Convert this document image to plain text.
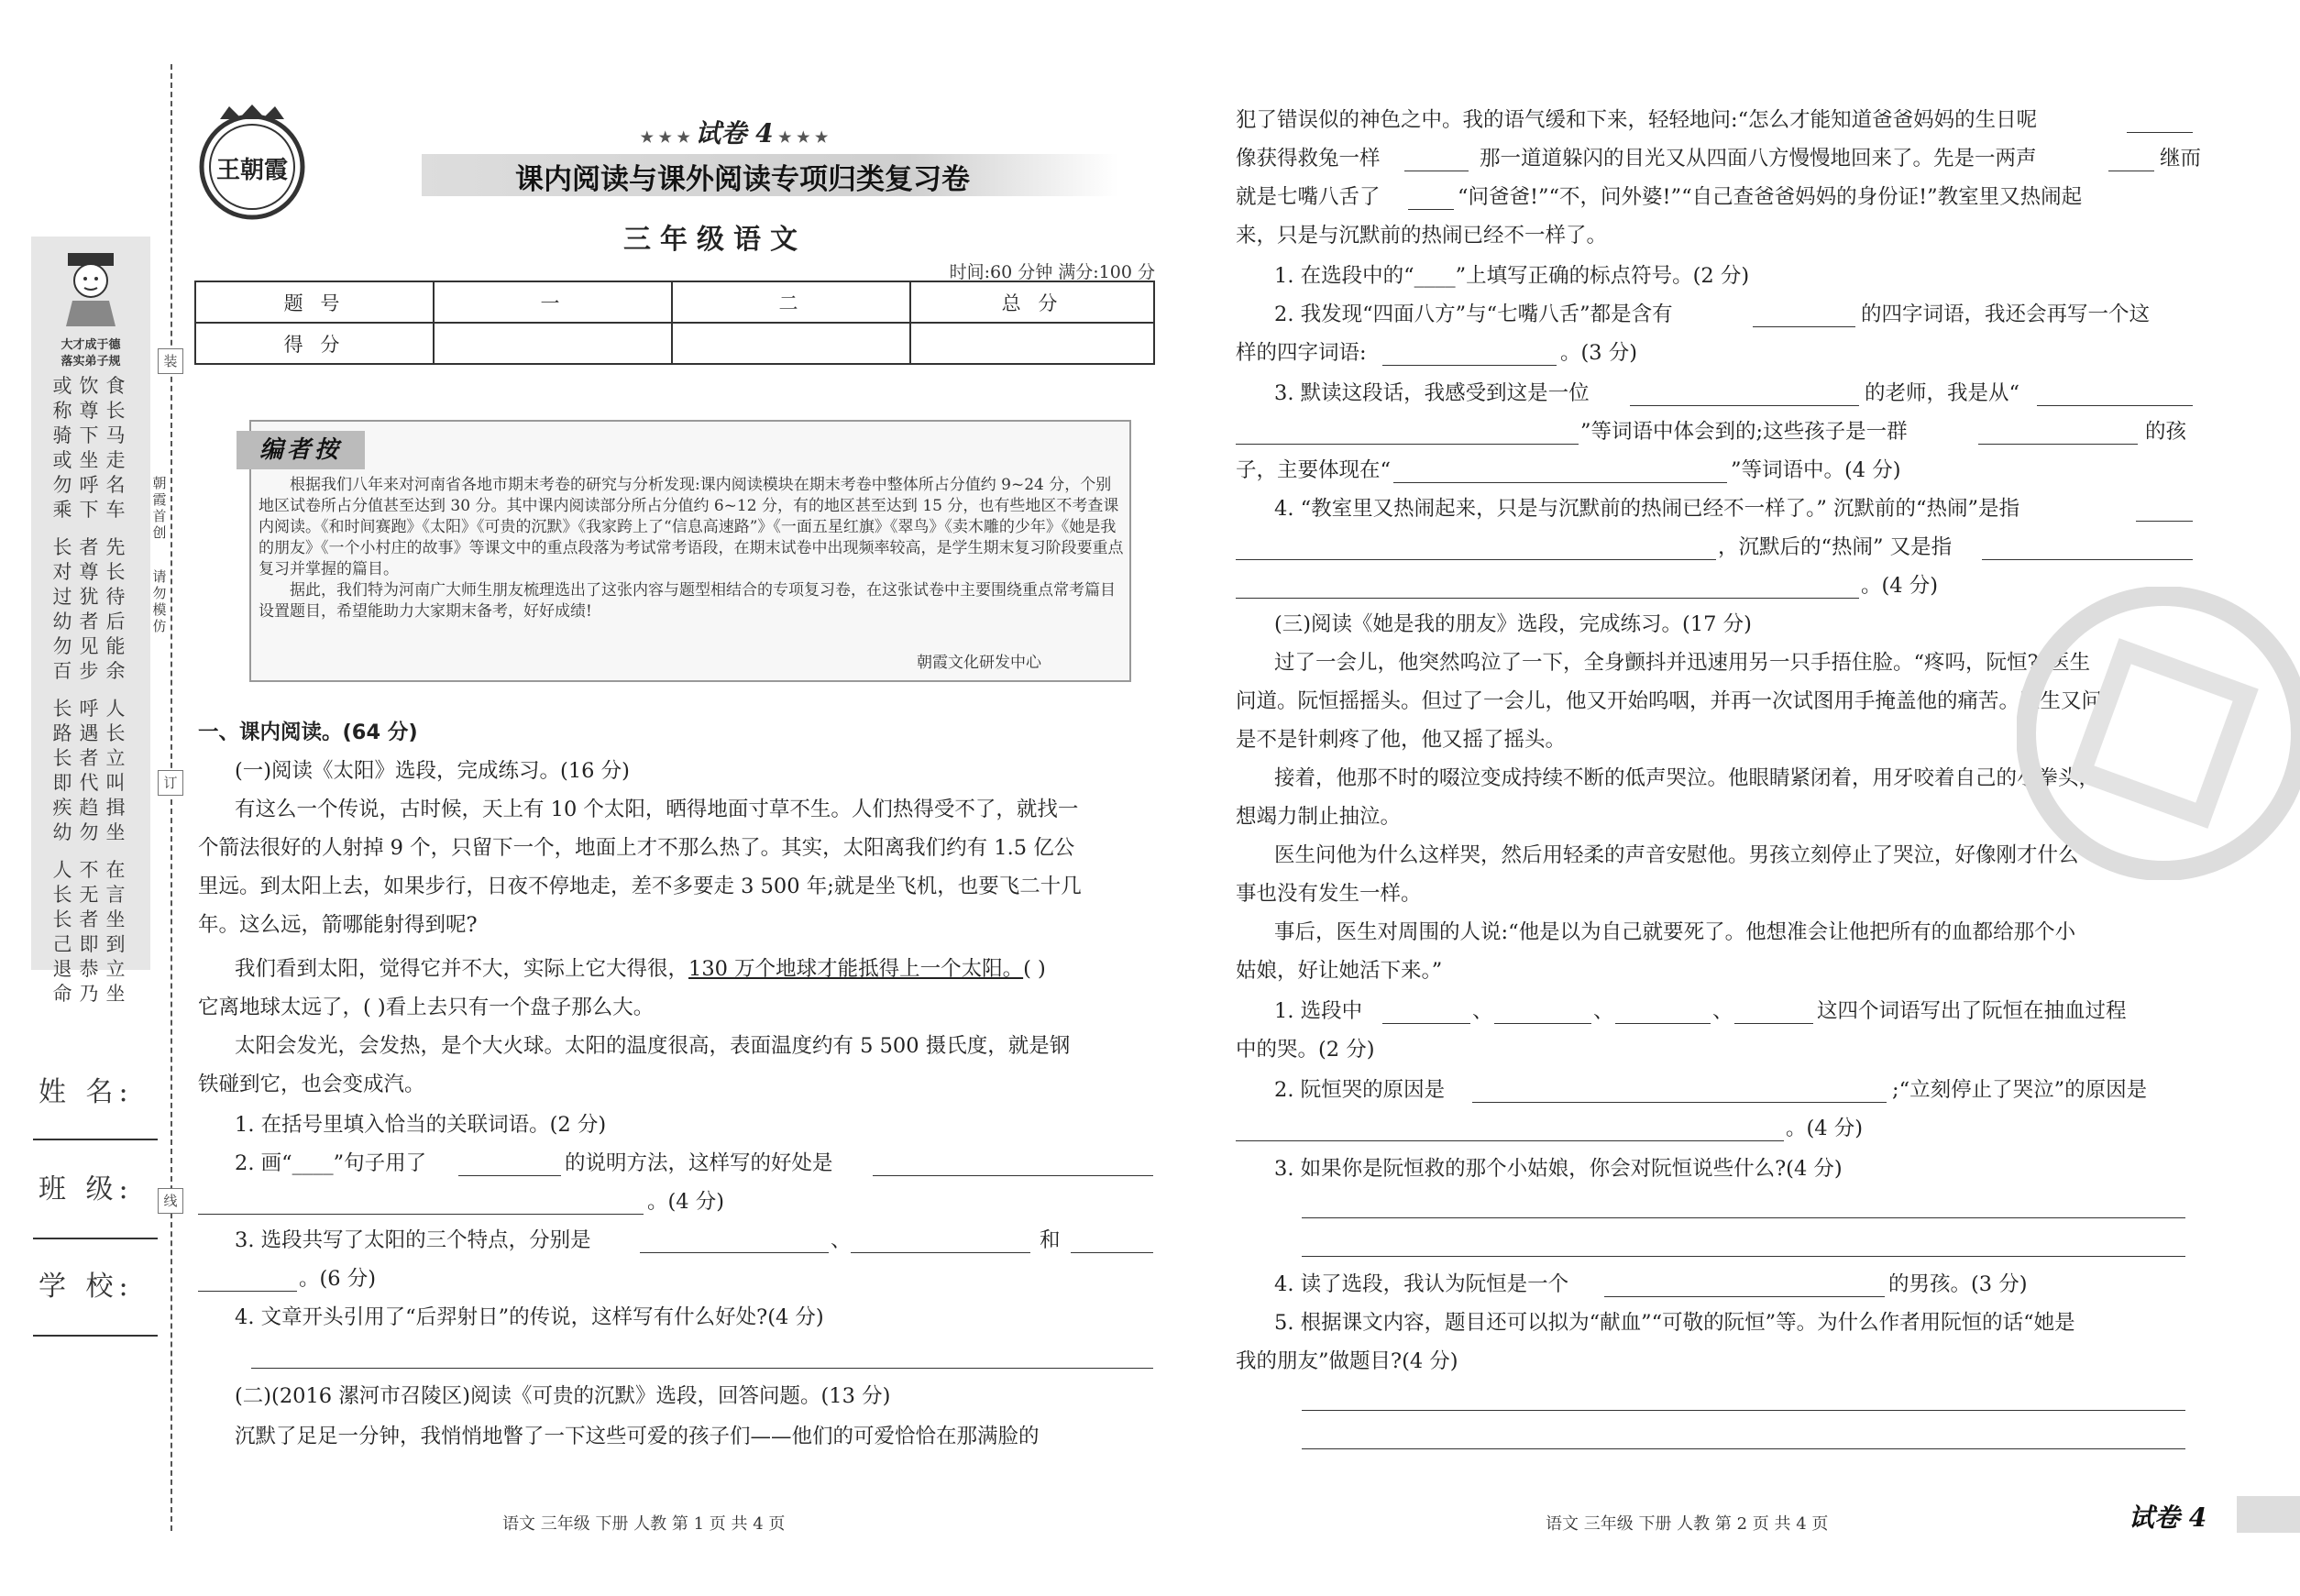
大才成于德
落实弟子规
或饮食 称尊长 骑下马
或坐走 勿呼名 乘下车
长者先 对尊长 过犹待
幼者后 勿见能 百步余
长呼人 路遇长 长者立
即代叫 疾趋揖 幼勿坐
人不在 长无言 长者坐
己即到 退恭立 命乃坐
姓 名:
班 级:
学 校:
装
订
线
朝霞首创
请勿模仿
王朝霞
★ ★ ★ 试卷 4 ★ ★ ★
课内阅读与课外阅读专项归类复习卷
三年级语文
时间:60 分钟 满分:100 分
题 号	一	二	总 分
得 分			
编者按

根据我们八年来对河南省各地市期末考卷的研究与分析发现:课内阅读模块在期末考卷中整体所占分值约 9~24 分，个别地区试卷所占分值甚至达到 30 分。其中课内阅读部分所占分值约 6~12 分，有的地区甚至达到 15 分，也有些地区不考查课内阅读。《和时间赛跑》《太阳》《可贵的沉默》《我家跨上了“信息高速路”》《一面五星红旗》《翠鸟》《卖木雕的少年》《她是我的朋友》《一个小村庄的故事》等课文中的重点段落为考试常考语段，在期末试卷中出现频率较高，是学生期末复习阶段要重点复习并掌握的篇目。

据此，我们特为河南广大师生朋友梳理选出了这张内容与题型相结合的专项复习卷，在这张试卷中主要围绕重点常考篇目设置题目，希望能助力大家期末备考，好好成绩!

朝霞文化研发中心
一、课内阅读。(64 分)
(一)阅读《太阳》选段，完成练习。(16 分)
有这么一个传说，古时候，天上有 10 个太阳，晒得地面寸草不生。人们热得受不了，就找一
个箭法很好的人射掉 9 个，只留下一个，地面上才不那么热了。其实，太阳离我们约有 1.5 亿公
里远。到太阳上去，如果步行，日夜不停地走，差不多要走 3 500 年;就是坐飞机，也要飞二十几
年。这么远，箭哪能射得到呢?
我们看到太阳，觉得它并不大，实际上它大得很，130 万个地球才能抵得上一个太阳。( )
它离地球太远了，( )看上去只有一个盘子那么大。
太阳会发光，会发热，是个大火球。太阳的温度很高，表面温度约有 5 500 摄氏度，就是钢
铁碰到它，也会变成汽。
1. 在括号里填入恰当的关联词语。(2 分)
2. 画“____”句子用了	的说明方法，这样写的好处是
。(4 分)
3. 选段共写了太阳的三个特点，分别是	、	和
。(6 分)
4. 文章开头引用了“后羿射日”的传说，这样写有什么好处?(4 分)
(二)(2016 漯河市召陵区)阅读《可贵的沉默》选段，回答问题。(13 分)
沉默了足足一分钟，我悄悄地瞥了一下这些可爱的孩子们——他们的可爱恰恰在那满脸的
语文 三年级 下册 人教 第 1 页 共 4 页
犯了错误似的神色之中。我的语气缓和下来，轻轻地问:“怎么才能知道爸爸妈妈的生日呢
像获得救兔一样	那一道道躲闪的目光又从四面八方慢慢地回来了。先是一两声	继而
就是七嘴八舌了	“问爸爸!”“不，问外婆!”“自己查爸爸妈妈的身份证!”教室里又热闹起
来，只是与沉默前的热闹已经不一样了。
1. 在选段中的“____”上填写正确的标点符号。(2 分)
2. 我发现“四面八方”与“七嘴八舌”都是含有	的四字词语，我还会再写一个这
样的四字词语:	。(3 分)
3. 默读这段话，我感受到这是一位	的老师，我是从“
”等词语中体会到的;这些孩子是一群	的孩
子，主要体现在“	”等词语中。(4 分)
4. “教室里又热闹起来，只是与沉默前的热闹已经不一样了。” 沉默前的“热闹”是指
，沉默后的“热闹” 又是指
。(4 分)
(三)阅读《她是我的朋友》选段，完成练习。(17 分)
过了一会儿，他突然呜泣了一下，全身颤抖并迅速用另一只手捂住脸。“疼吗，阮恒?”医生
问道。阮恒摇摇头。但过了一会儿，他又开始呜咽，并再一次试图用手掩盖他的痛苦。医生又问
是不是针刺疼了他，他又摇了摇头。
接着，他那不时的啜泣变成持续不断的低声哭泣。他眼睛紧闭着，用牙咬着自己的小拳头，
想竭力制止抽泣。
医生问他为什么这样哭，然后用轻柔的声音安慰他。男孩立刻停止了哭泣，好像刚才什么
事也没有发生一样。
事后，医生对周围的人说:“他是以为自己就要死了。他想准会让他把所有的血都给那个小
姑娘，好让她活下来。”
1. 选段中	、	、	、	这四个词语写出了阮恒在抽血过程
中的哭。(2 分)
2. 阮恒哭的原因是	;“立刻停止了哭泣”的原因是
。(4 分)
3. 如果你是阮恒救的那个小姑娘，你会对阮恒说些什么?(4 分)
4. 读了选段，我认为阮恒是一个	的男孩。(3 分)
5. 根据课文内容，题目还可以拟为“献血”“可敬的阮恒”等。为什么作者用阮恒的话“她是
我的朋友”做题目?(4 分)
语文 三年级 下册 人教 第 2 页 共 4 页	试卷 4
